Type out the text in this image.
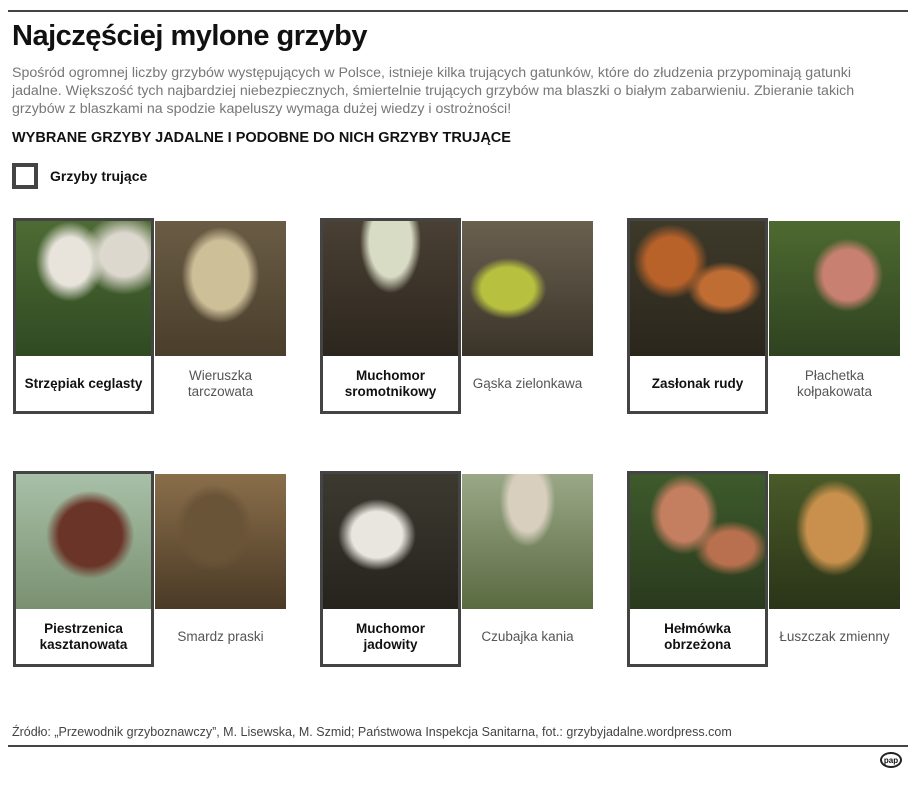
Najczęściej mylone grzyby

Spośród ogromnej liczby grzybów występujących w Polsce, istnieje kilka trujących gatunków, które do złudzenia przypominają gatunki jadalne. Większość tych najbardziej niebezpiecznych, śmiertelnie trujących grzybów ma blaszki o białym zabarwieniu. Zbieranie takich grzybów z blaszkami na spodzie kapeluszy wymaga dużej wiedzy i ostrożności!

WYBRANE GRZYBY JADALNE I PODOBNE DO NICH GRZYBY TRUJĄCE
Grzyby trujące
Strzępiak ceglasty
Wieruszka tarczowata
Muchomor sromotnikowy
Gąska zielonkawa	Zasłonak rudy
Płachetka kołpakowata
Piestrzenica kasztanowata
Smardz praski
Muchomor jadowity
Czubajka kania
Hełmówka obrzeżona
Łuszczak zmienny
Źródło: „Przewodnik grzyboznawczy”, M. Lisewska, M. Szmid; Państwowa Inspekcja Sanitarna, fot.: grzybyjadalne.wordpress.com
pap
